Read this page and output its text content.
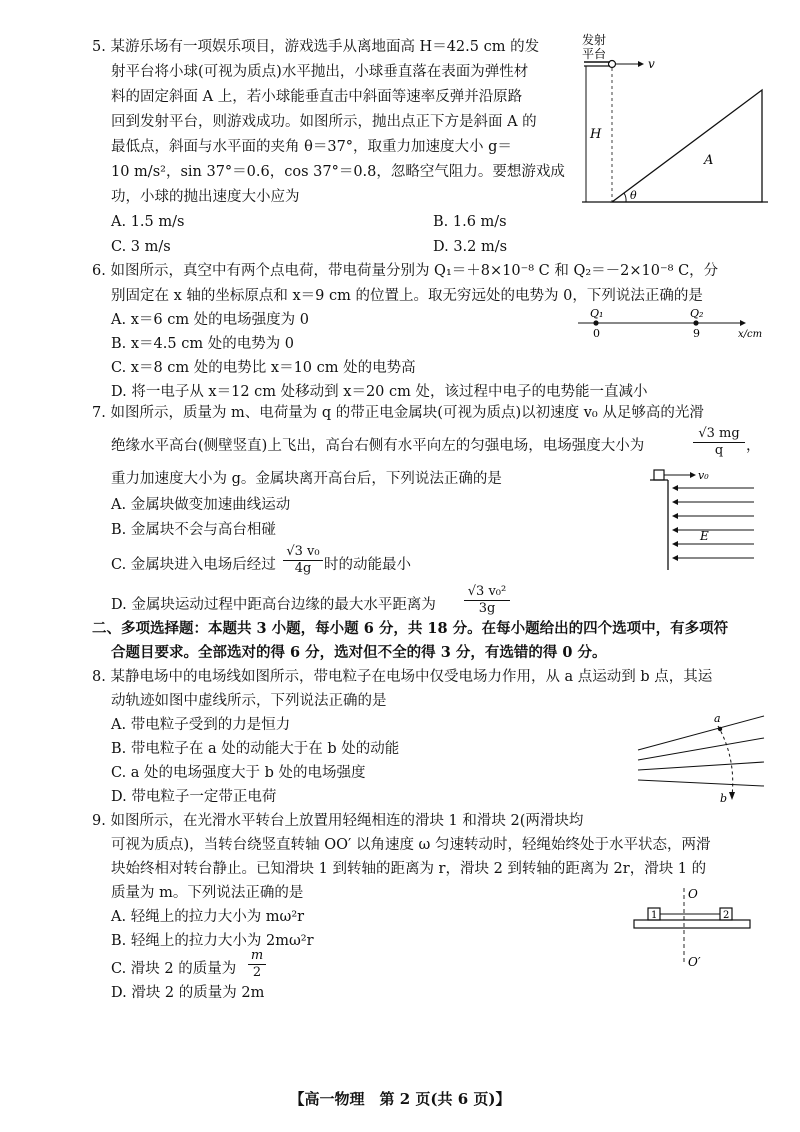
5. 某游乐场有一项娱乐项目，游戏选手从离地面高 H＝42.5 cm 的发
射平台将小球(可视为质点)水平抛出，小球垂直落在表面为弹性材
料的固定斜面 A 上，若小球能垂直击中斜面等速率反弹并沿原路
回到发射平台，则游戏成功。如图所示，抛出点正下方是斜面 A 的
最低点，斜面与水平面的夹角 θ＝37°，取重力加速度大小 g＝
10 m/s²，sin 37°＝0.6，cos 37°＝0.8，忽略空气阻力。要想游戏成
功，小球的抛出速度大小应为
A. 1.5 m/s	B. 1.6 m/s
C. 3 m/s	D. 3.2 m/s
发射
平台
v
H
A
θ
6. 如图所示，真空中有两个点电荷，带电荷量分别为 Q₁＝＋8×10⁻⁸ C 和 Q₂＝－2×10⁻⁸ C，分
别固定在 x 轴的坐标原点和 x＝9 cm 的位置上。取无穷远处的电势为 0，下列说法正确的是
A. x＝6 cm 处的电场强度为 0
B. x＝4.5 cm 处的电势为 0
C. x＝8 cm 处的电势比 x＝10 cm 处的电势高
D. 将一电子从 x＝12 cm 处移动到 x＝20 cm 处，该过程中电子的电势能一直减小
Q₁	Q₂
0	9	x/cm
7. 如图所示，质量为 m、电荷量为 q 的带正电金属块(可视为质点)以初速度 v₀ 从足够高的光滑
绝缘水平高台(侧壁竖直)上飞出，高台右侧有水平向左的匀强电场，电场强度大小为	$\frac{√3 mg}{q}$ ，
重力加速度大小为 g。金属块离开高台后，下列说法正确的是
A. 金属块做变加速曲线运动
B. 金属块不会与高台相碰
C. 金属块进入电场后经过 $\frac{\text{√3 v₀}}{4g}$ 时的动能最小
D. 金属块运动过程中距高台边缘的最大水平距离为 $\frac{\text{√3 v₀²}}{3g}$
v₀
E
二、多项选择题：本题共 3 小题，每小题 6 分，共 18 分。在每小题给出的四个选项中，有多项符
合题目要求。全部选对的得 6 分，选对但不全的得 3 分，有选错的得 0 分。
8. 某静电场中的电场线如图所示，带电粒子在电场中仅受电场力作用，从 a 点运动到 b 点，其运
动轨迹如图中虚线所示，下列说法正确的是
A. 带电粒子受到的力是恒力
B. 带电粒子在 a 处的动能大于在 b 处的动能
C. a 处的电场强度大于 b 处的电场强度
D. 带电粒子一定带正电荷
a
b
9. 如图所示，在光滑水平转台上放置用轻绳相连的滑块 1 和滑块 2(两滑块均
可视为质点)，当转台绕竖直转轴 OO′ 以角速度 ω 匀速转动时，轻绳始终处于水平状态，两滑
块始终相对转台静止。已知滑块 1 到转轴的距离为 r，滑块 2 到转轴的距离为 2r，滑块 1 的
质量为 m。下列说法正确的是
A. 轻绳上的拉力大小为 mω²r
B. 轻绳上的拉力大小为 2mω²r
C. 滑块 2 的质量为 $\frac{m}{2}$
D. 滑块 2 的质量为 2m
O
O′
1	2
【高一物理　第 2 页(共 6 页)】
